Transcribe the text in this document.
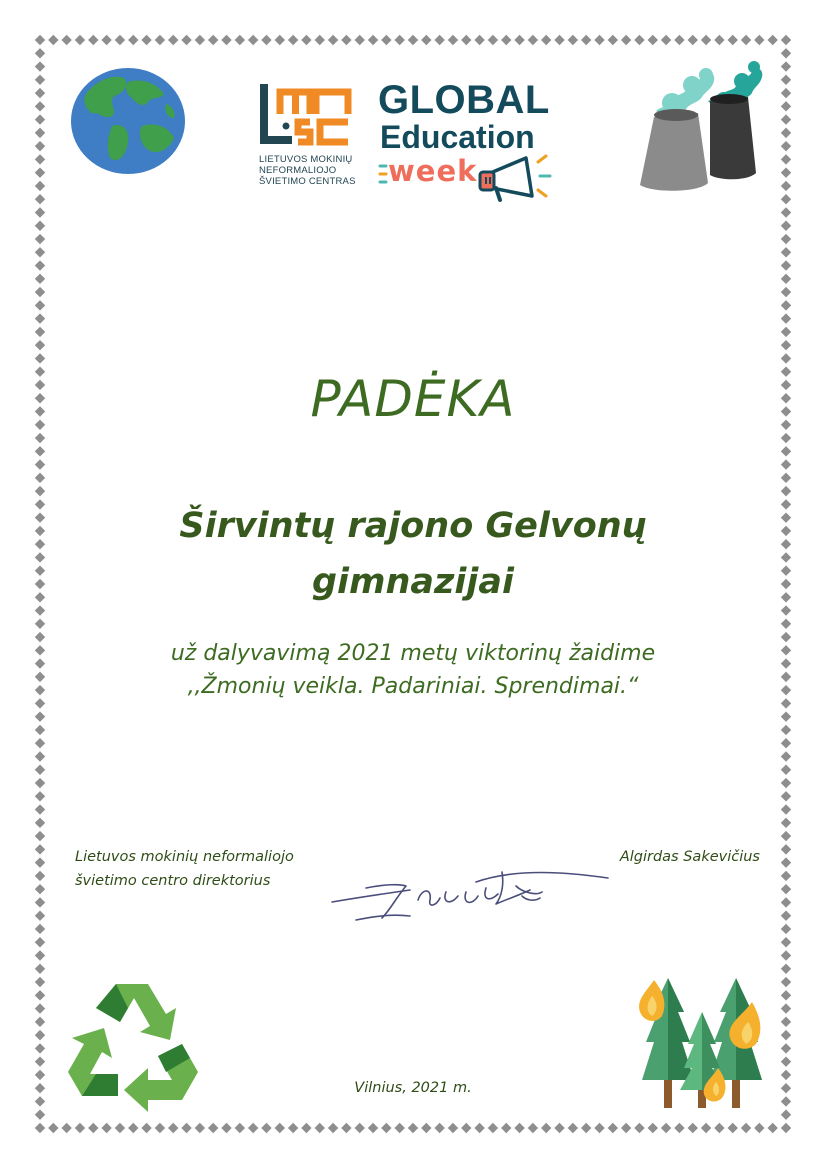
LIETUVOS MOKINIŲ
NEFORMALIOJO
ŠVIETIMO CENTRAS
GLOBAL
Education
week
PADĖKA
Širvintų rajono Gelvonų
gimnazijai
už dalyvavimą 2021 metų viktorinų žaidime
,,Žmonių veikla. Padariniai. Sprendimai.“
Lietuvos mokinių neformaliojo
švietimo centro direktorius
Algirdas Sakevičius
Vilnius, 2021 m.
